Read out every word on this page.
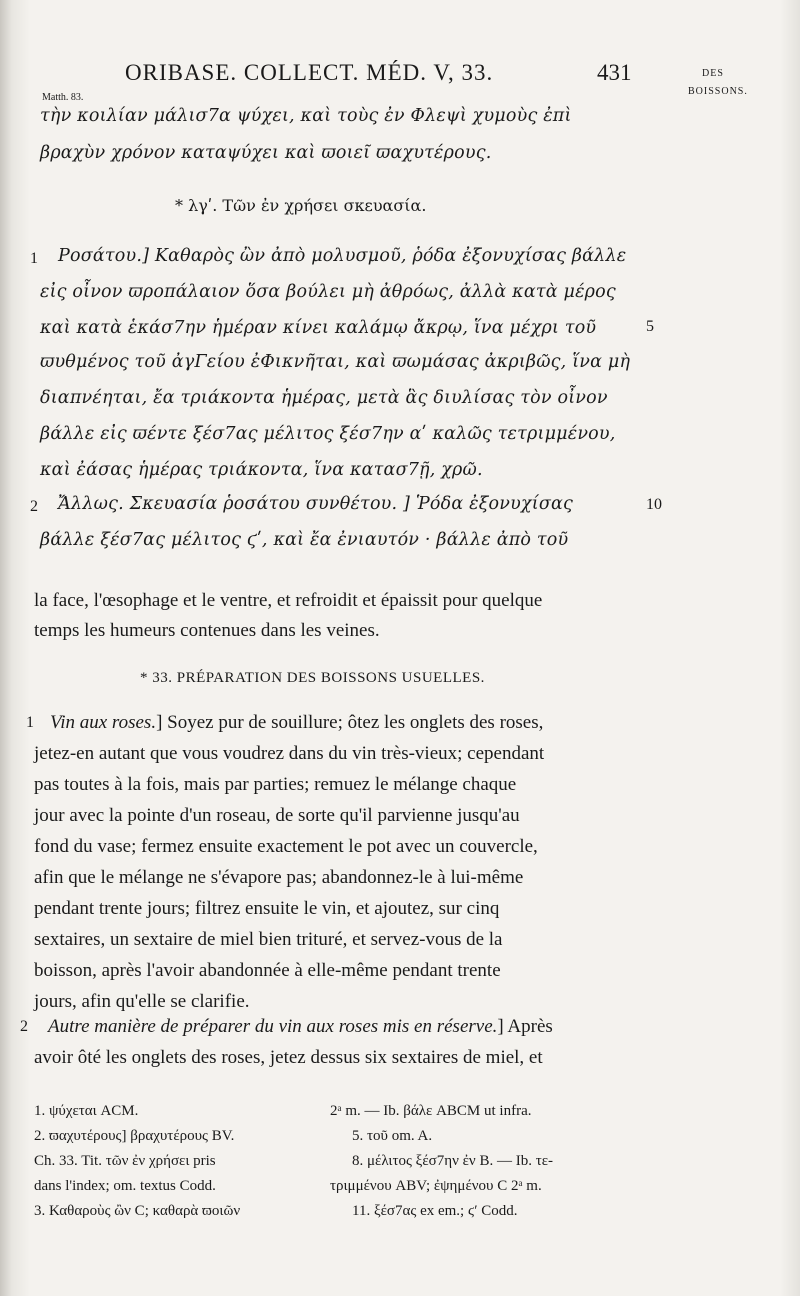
ORIBASE. COLLECT. MÉD. V, 33.	431	DES
BOISSONS.
Matth. 83.
τὴν κοιλίαν μάλισ7α ψύχει, καὶ τοὺς ἐν Φλεψὶ χυμοὺς ἐπὶ
βραχὺν χρόνον καταψύχει καὶ ϖοιεῖ ϖαχυτέρους.
* λγʹ. Τῶν ἐν χρήσει σκευασία.
1 Ροσάτου.] Καθαρὸς ὢν ἀπὸ μολυσμοῦ, ῥόδα ἐξονυχίσας βάλλε
εἰς οἶνον ϖροπάλαιον ὅσα βούλει μὴ ἀθρόως, ἀλλὰ κατὰ μέρος
καὶ κατὰ ἑκάσ7ην ἡμέραν κίνει καλάμῳ ἄκρῳ, ἵνα μέχρι τοῦ	5
ϖυθμένος τοῦ ἀγΓείου ἐΦικνῆται, καὶ ϖωμάσας ἀκριβῶς, ἵνα μὴ
διαπνέηται, ἔα τριάκοντα ἡμέρας, μετὰ ἃς διυλίσας τὸν οἶνον
βάλλε εἰς ϖέντε ξέσ7ας μέλιτος ξέσ7ην αʹ καλῶς τετριμμένου,
καὶ ἐάσας ἡμέρας τριάκοντα, ἵνα κατασ7ῇ, χρῶ.
2 Ἄλλως. Σκευασία ῥοσάτου συνθέτου. ] Ῥόδα ἐξονυχίσας	10
βάλλε ξέσ7ας μέλιτος ϛʹ, καὶ ἔα ἐνιαυτόν · βάλλε ἀπὸ τοῦ
la face, l'œsophage et le ventre, et refroidit et épaissit pour quelque
temps les humeurs contenues dans les veines.
* 33. PRÉPARATION DES BOISSONS USUELLES.
1 Vin aux roses.] Soyez pur de souillure; ôtez les onglets des roses,
jetez-en autant que vous voudrez dans du vin très-vieux; cependant
pas toutes à la fois, mais par parties; remuez le mélange chaque
jour avec la pointe d'un roseau, de sorte qu'il parvienne jusqu'au
fond du vase; fermez ensuite exactement le pot avec un couvercle,
afin que le mélange ne s'évapore pas; abandonnez-le à lui-même
pendant trente jours; filtrez ensuite le vin, et ajoutez, sur cinq
sextaires, un sextaire de miel bien trituré, et servez-vous de la
boisson, après l'avoir abandonnée à elle-même pendant trente
jours, afin qu'elle se clarifie.
2 Autre manière de préparer du vin aux roses mis en réserve.] Après
avoir ôté les onglets des roses, jetez dessus six sextaires de miel, et
1. ψύχεται ACM.
2. ϖαχυτέρους] βραχυτέρους BV.
Ch. 33. Tit. τῶν ἐν χρήσει pris
dans l'index; om. textus Codd.
3. Καθαροὺς ὢν C; καθαρὰ ϖοιῶν
2ᵃ m. — Ib. βάλε ABCM ut infra.
5. τοῦ om. A.
8. μέλιτος ξέσ7ην ἐν B. — Ib. τε-
τριμμένου ABV; ἐψημένου C 2ᵃ m.
11. ξέσ7ας ex em.; ϛʹ Codd.
